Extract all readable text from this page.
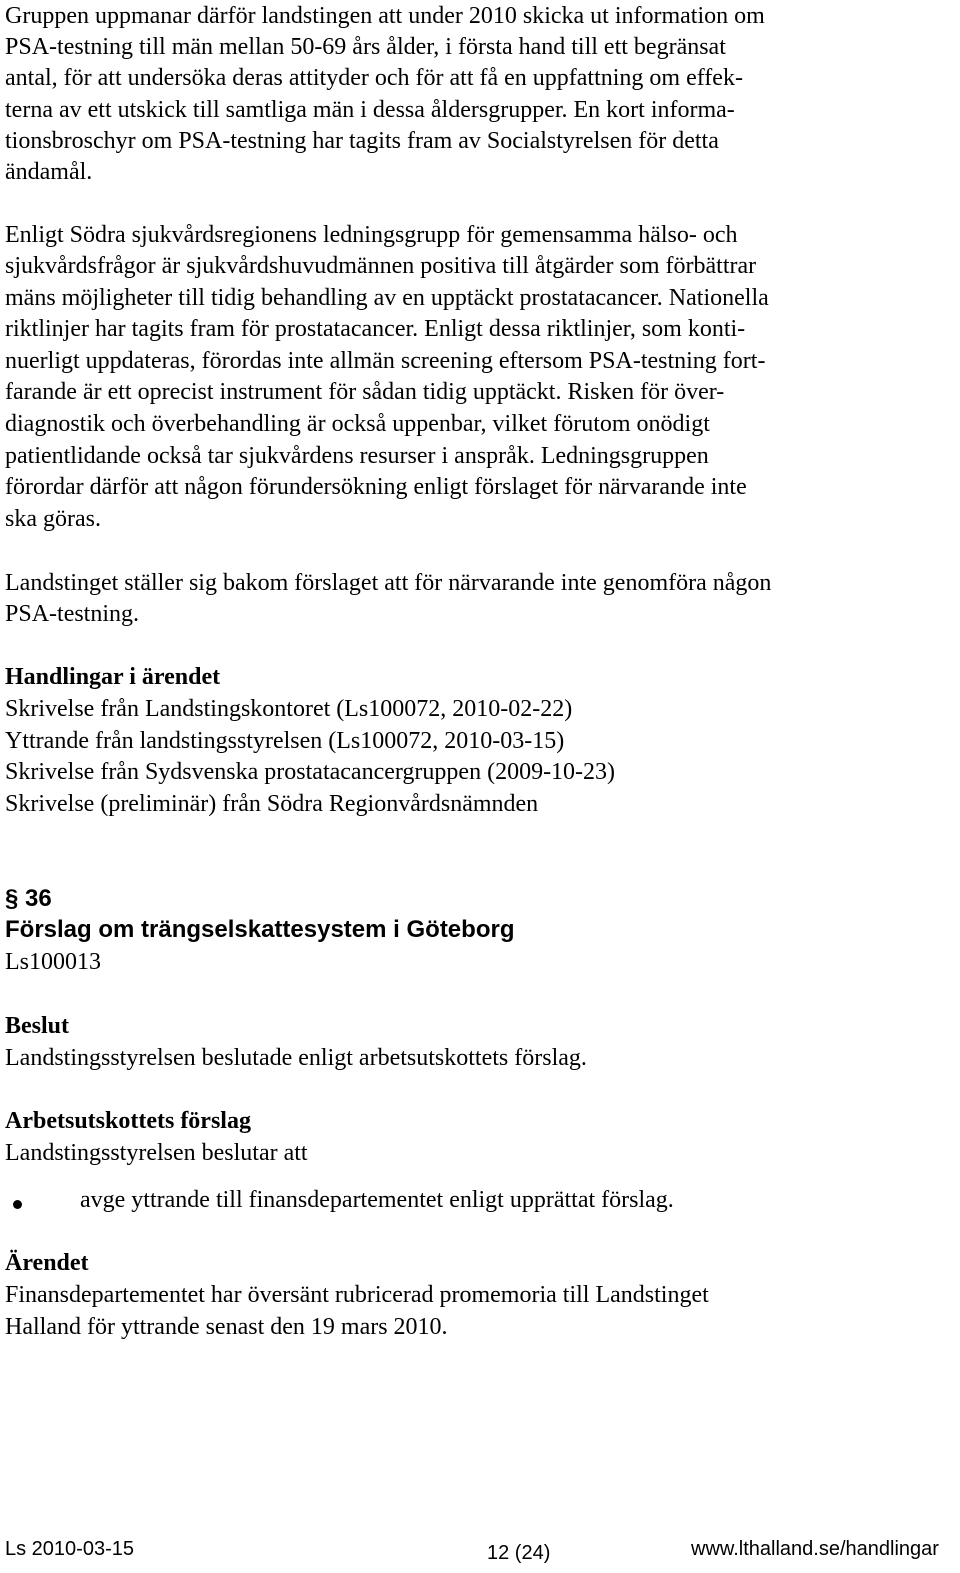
Gruppen uppmanar därför landstingen att under 2010 skicka ut information om
PSA-testning till män mellan 50-69 års ålder, i första hand till ett begränsat
antal, för att undersöka deras attityder och för att få en uppfattning om effek-
terna av ett utskick till samtliga män i dessa åldersgrupper. En kort informa-
tionsbroschyr om PSA-testning har tagits fram av Socialstyrelsen för detta
ändamål.
Enligt Södra sjukvårdsregionens ledningsgrupp för gemensamma hälso- och
sjukvårdsfrågor är sjukvårdshuvudmännen positiva till åtgärder som förbättrar
mäns möjligheter till tidig behandling av en upptäckt prostatacancer. Nationella
riktlinjer har tagits fram för prostatacancer. Enligt dessa riktlinjer, som konti-
nuerligt uppdateras, förordas inte allmän screening eftersom PSA-testning fort-
farande är ett oprecist instrument för sådan tidig upptäckt. Risken för över-
diagnostik och överbehandling är också uppenbar, vilket förutom onödigt
patientlidande också tar sjukvårdens resurser i anspråk. Ledningsgruppen
förordar därför att någon förundersökning enligt förslaget för närvarande inte
ska göras.
Landstinget ställer sig bakom förslaget att för närvarande inte genomföra någon
PSA-testning.
Handlingar i ärendet
Skrivelse från Landstingskontoret (Ls100072, 2010-02-22)
Yttrande från landstingsstyrelsen (Ls100072, 2010-03-15)
Skrivelse från Sydsvenska prostatacancergruppen (2009-10-23)
Skrivelse (preliminär) från Södra Regionvårdsnämnden
§ 36
Förslag om trängselskattesystem i Göteborg
Ls100013
Beslut
Landstingsstyrelsen beslutade enligt arbetsutskottets förslag.
Arbetsutskottets förslag
Landstingsstyrelsen beslutar att
avge yttrande till finansdepartementet enligt upprättat förslag.
Ärendet
Finansdepartementet har översänt rubricerad promemoria till Landstinget
Halland för yttrande senast den 19 mars 2010.
Ls 2010-03-15	12 (24)	www.lthalland.se/handlingar
